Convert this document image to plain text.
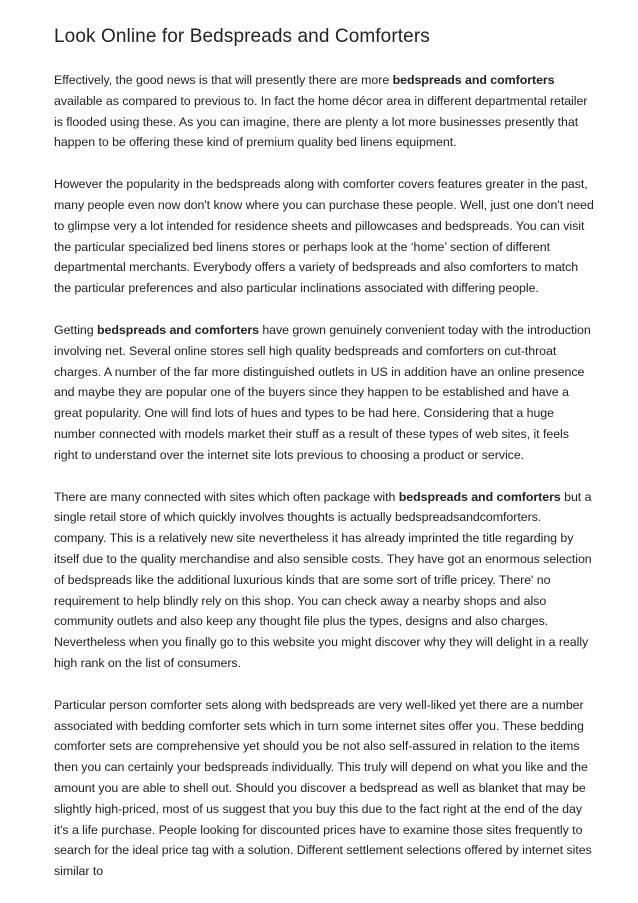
Look Online for Bedspreads and Comforters

Effectively, the good news is that will presently there are more bedspreads and comforters available as compared to previous to. In fact the home décor area in different departmental retailer is flooded using these. As you can imagine, there are plenty a lot more businesses presently that happen to be offering these kind of premium quality bed linens equipment.

However the popularity in the bedspreads along with comforter covers features greater in the past, many people even now don't know where you can purchase these people. Well, just one don't need to glimpse very a lot intended for residence sheets and pillowcases and bedspreads. You can visit the particular specialized bed linens stores or perhaps look at the ‘home’ section of different departmental merchants. Everybody offers a variety of bedspreads and also comforters to match the particular preferences and also particular inclinations associated with differing people.

Getting bedspreads and comforters have grown genuinely convenient today with the introduction involving net. Several online stores sell high quality bedspreads and comforters on cut-throat charges. A number of the far more distinguished outlets in US in addition have an online presence and maybe they are popular one of the buyers since they happen to be established and have a great popularity. One will find lots of hues and types to be had here. Considering that a huge number connected with models market their stuff as a result of these types of web sites, it feels right to understand over the internet site lots previous to choosing a product or service.

There are many connected with sites which often package with bedspreads and comforters but a single retail store of which quickly involves thoughts is actually bedspreadsandcomforters. company. This is a relatively new site nevertheless it has already imprinted the title regarding by itself due to the quality merchandise and also sensible costs. They have got an enormous selection of bedspreads like the additional luxurious kinds that are some sort of trifle pricey. There' no requirement to help blindly rely on this shop. You can check away a nearby shops and also community outlets and also keep any thought file plus the types, designs and also charges. Nevertheless when you finally go to this website you might discover why they will delight in a really high rank on the list of consumers.

Particular person comforter sets along with bedspreads are very well-liked yet there are a number associated with bedding comforter sets which in turn some internet sites offer you. These bedding comforter sets are comprehensive yet should you be not also self-assured in relation to the items then you can certainly your bedspreads individually. This truly will depend on what you like and the amount you are able to shell out. Should you discover a bedspread as well as blanket that may be slightly high-priced, most of us suggest that you buy this due to the fact right at the end of the day it's a life purchase. People looking for discounted prices have to examine those sites frequently to search for the ideal price tag with a solution. Different settlement selections offered by internet sites similar to
